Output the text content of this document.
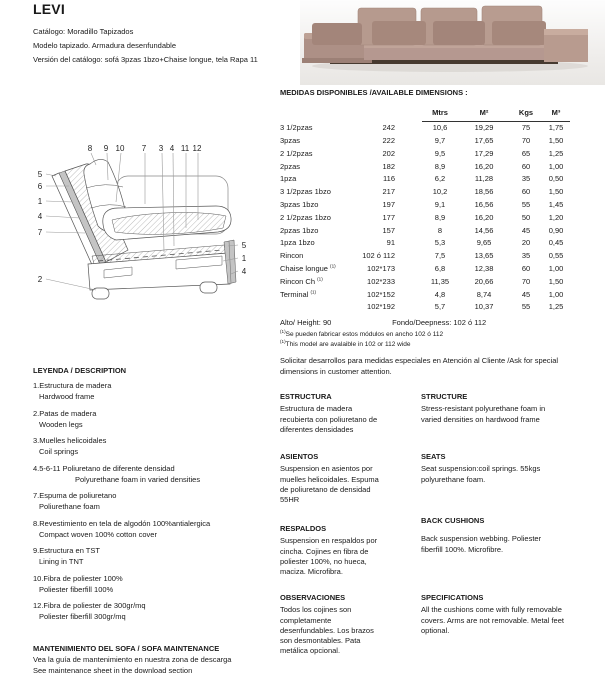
LEVI

Catálogo: Moradillo Tapizados

Modelo tapizado. Armadura desenfundable

Versión del catálogo: sofá 3pzas 1bzo+Chaise longue, tela Rapa 11

8 9 10 7 3 4 11 12
5
6
1
4
7
2
5
1
4
MEDIDAS DISPONIBLES /AVAILABLE DIMENSIONS :
			Mtrs	M²	Kgs	M³
3 1/2pzas	242		10,6	19,29	75	1,75
3pzas	222		9,7	17,65	70	1,50
2 1/2pzas	202		9,5	17,29	65	1,25
2pzas	182		8,9	16,20	60	1,00
1pza	116		6,2	11,28	35	0,50
3 1/2pzas 1bzo	217		10,2	18,56	60	1,50
3pzas 1bzo	197		9,1	16,56	55	1,45
2 1/2pzas 1bzo	177		8,9	16,20	50	1,20
2pzas 1bzo	157		8	14,56	45	0,90
1pza 1bzo	91		5,3	9,65	20	0,45
Rincon	102 ó 112		7,5	13,65	35	0,55
Chaise longue $^{(1)}$	102*173		6,8	12,38	60	1,00
Rincon Ch $^{(1)}$	102*233		11,35	20,66	70	1,50
Terminal $^{(1)}$	102*152		4,8	8,74	45	1,00
	102*192		5,7	10,37	55	1,25
Alto/ Height: 90	Fondo/Deepness: 102 ó 112
$^{(1)}$Se pueden fabricar estos módulos en ancho 102 ó 112
$^{(1)}$This model are avalaible in 102 or 112 wide
Solicitar desarrollos para medidas especiales en Atención al Cliente /Ask for special dimensions in customer attention.
LEYENDA / DESCRIPTION
1.Estructura de madera
Hardwood frame
2.Patas de madera
Wooden legs
3.Muelles helicoidales
Coil springs
4.5-6-11 Poliuretano de diferente densidad
Polyurethane foam in varied densities
7.Espuma de poliuretano
Poliurethane foam
8.Revestimiento en tela de algodón 100%antialergica
Compact woven 100% cotton cover
9.Estructura en TST
Lining in TNT
10.Fibra de poliester 100%
Poliester fiberfill 100%
12.Fibra de poliester de 300gr/mq
Poliester fiberfill 300gr/mq
ESTRUCTURA
Estructura de madera recubierta con poliuretano de diferentes densidades
STRUCTURE
Stress-resistant polyurethane foam in varied densities on hardwood frame
ASIENTOS
Suspension en asientos por muelles helicoidales. Espuma de poliuretano de densidad 55HR
SEATS
Seat suspension:coil springs. 55kgs polyurethane foam.
RESPALDOS
Suspension en respaldos por cincha. Cojines en fibra de poliester 100%, no hueca, maciza. Microfibra.
BACK CUSHIONS
Back suspension webbing. Poliester fiberfill 100%. Microfibre.
OBSERVACIONES
Todos los cojines son completamente desenfundables. Los brazos son desmontables. Pata metálica opcional.
SPECIFICATIONS
All the cushions come with fully removable covers. Arms are not removable. Metal feet optional.
MANTENIMIENTO DEL SOFA / SOFA MAINTENANCE
Vea la guía de mantenimiento en nuestra zona de descarga
See maintenance sheet in the download section
